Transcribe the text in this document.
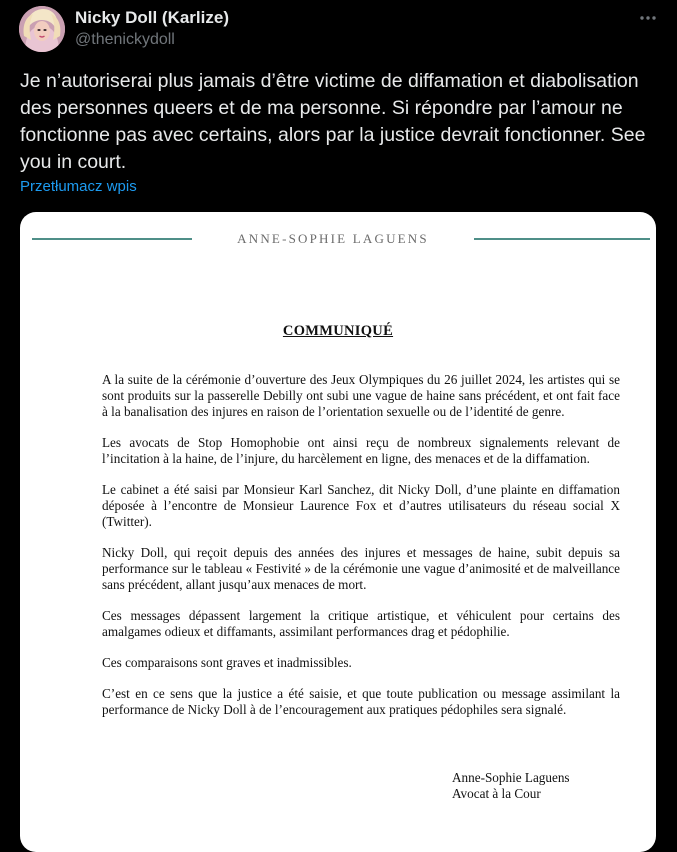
Nicky Doll (Karlize)
@thenickydoll
Je n’autoriserai plus jamais d’être victime de diffamation et diabolisation des personnes queers et de ma personne. Si répondre par l’amour ne fonctionne pas avec certains, alors par la justice devrait fonctionner. See you in court.
Przetłumacz wpis
ANNE-SOPHIE LAGUENS
COMMUNIQUÉ

A la suite de la cérémonie d’ouverture des Jeux Olympiques du 26 juillet 2024, les artistes qui se sont produits sur la passerelle Debilly ont subi une vague de haine sans précédent, et ont fait face à la banalisation des injures en raison de l’orientation sexuelle ou de l’identité de genre.

Les avocats de Stop Homophobie ont ainsi reçu de nombreux signalements relevant de l’incitation à la haine, de l’injure, du harcèlement en ligne, des menaces et de la diffamation.

Le cabinet a été saisi par Monsieur Karl Sanchez, dit Nicky Doll, d’une plainte en diffamation déposée à l’encontre de Monsieur Laurence Fox et d’autres utilisateurs du réseau social X (Twitter).

Nicky Doll, qui reçoit depuis des années des injures et messages de haine, subit depuis sa performance sur le tableau « Festivité » de la cérémonie une vague d’animosité et de malveillance sans précédent, allant jusqu’aux menaces de mort.

Ces messages dépassent largement la critique artistique, et véhiculent pour certains des amalgames odieux et diffamants, assimilant performances drag et pédophilie.

Ces comparaisons sont graves et inadmissibles.

C’est en ce sens que la justice a été saisie, et que toute publication ou message assimilant la performance de Nicky Doll à de l’encouragement aux pratiques pédophiles sera signalé.

Anne-Sophie Laguens
Avocat à la Cour
